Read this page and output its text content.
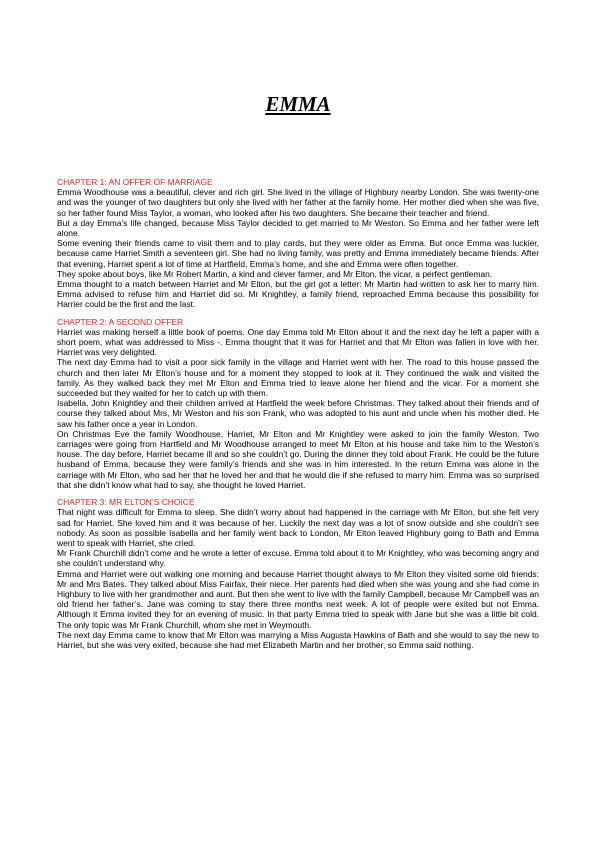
EMMA

CHAPTER 1: AN OFFER OF MARRIAGE

Emma Woodhouse was a beautiful, clever and rich girl. She lived in the village of Highbury nearby London. She was twenty-one and was the younger of two daughters but only she lived with her father at the family home. Her mother died when she was five, so her father found Miss Taylor, a woman, who looked after his two daughters. She became their teacher and friend.

But a day Emma’s life changed, because Miss Taylor decided to get married to Mr Weston. So Emma and her father were left alone.

Some evening their friends came to visit them and to play cards, but they were older as Emma. But once Emma was luckier, because came Harriet Smith a seventeen girl. She had no living family, was pretty and Emma immediately became friends. After that evening, Harriet spent a lot of time at Hartfield, Emma’s home, and she and Emma were often together.

They spoke about boys, like Mr Robert Martin, a kind and clever farmer, and Mr Elton, the vicar, a perfect gentleman.

Emma thought to a match between Harriet and Mr Elton, but the girl got a letter: Mr Martin had written to ask her to marry him. Emma advised to refuse him and Harriet did so. Mr Knightley, a family friend, reproached Emma because this possibility for Harrier could be the first and the last.

CHAPTER 2: A SECOND OFFER

Harriet was making herself a little book of poems. One day Emma told Mr Elton about it and the next day he left a paper with a short poem, what was addressed to Miss -. Emma thought that it was for Harriet and that Mr Elton was fallen in love with her. Harriet was very delighted.

The next day Emma had to visit a poor sick family in the village and Harriet went with her. The road to this house passed the church and then later Mr Elton’s house and for a moment they stopped to look at it. They continued the walk and visited the family. As they walked back they met Mr Elton and Emma tried to leave alone her friend and the vicar. For a moment she succeeded but they waited for her to catch up with them.

Isabella, John Knightley and their children arrived at Hartfield the week before Christmas. They talked about their friends and of course they talked about Mrs, Mr Weston and his son Frank, who was adopted to his aunt and uncle when his mother died. He saw his father once a year in London.

On Christmas Eve the family Woodhouse, Harriet, Mr Elton and Mr Knightley were asked to join the family Weston. Two carriages were going from Hartfield and Mr Woodhouse arranged to meet Mr Elton at his house and take him to the Weston’s house. The day before, Harriet became ill and so she couldn’t go. During the dinner they told about Frank. He could be the future husband of Emma, because they were family’s friends and she was in him interested. In the return Emma was alone in the carriage with Mr Elton, who sad her that he loved her and that he would die if she refused to marry him. Emma was so surprised that she didn’t know what had to say, she thought he loved Harriet.

CHAPTER 3: MR ELTON’S CHOICE

That night was difficult for Emma to sleep. She didn’t worry about had happened in the carriage with Mr Elton, but she felt very sad for Harriet. She loved him and it was because of her. Luckily the next day was a lot of snow outside and she couldn’t see nobody. As soon as possible Isabella and her family went back to London, Mr Elton leaved Highbury going to Bath and Emma went to speak with Harriet, she cried.

Mr Frank Churchill didn’t come and he wrote a letter of excuse. Emma told about it to Mr Knightley, who was becoming angry and she couldn’t understand why.

Emma and Harriet were out walking one morning and because Harriet thought always to Mr Elton they visited some old friends: Mr and Mrs Bates. They talked about Miss Fairfax, their niece. Her parents had died when she was young and she had come in Highbury to live with her grandmother and aunt. But then she went to live with the family Campbell, because Mr Campbell was an old friend her father’s. Jane was coming to stay there three months next week. A lot of people were exited but not Emma. Although it Emma invited they for an evening of music. In that party Emma tried to speak with Jane but she was a little bit cold. The only topic was Mr Frank Churchill, whom she met in Weymouth.

The next day Emma came to know that Mr Elton was marrying a Miss Augusta Hawkins of Bath and she would to say the new to Harriet, but she was very exited, because she had met Elizabeth Martin and her brother, so Emma said nothing.
